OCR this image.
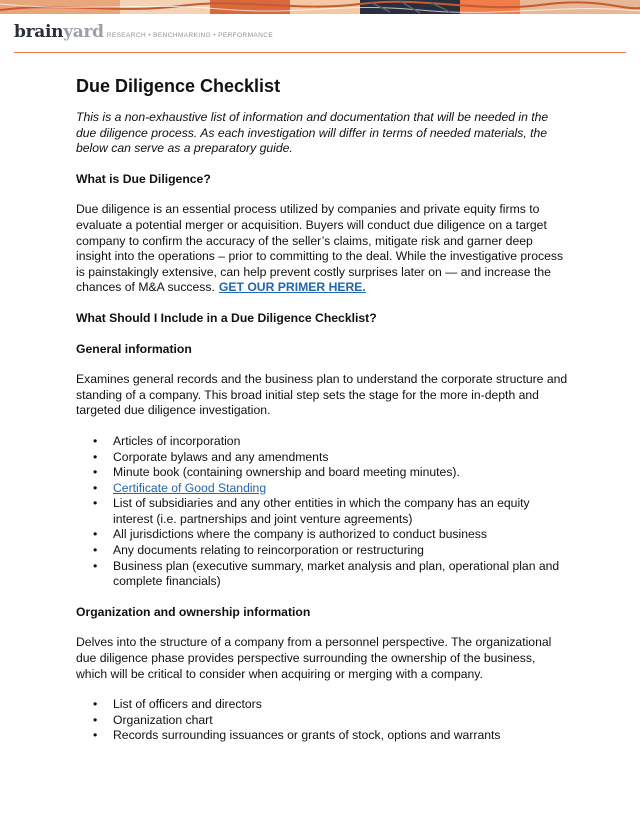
brainyard RESEARCH • BENCHMARKING • PERFORMANCE
Due Diligence Checklist

This is a non-exhaustive list of information and documentation that will be needed in the due diligence process. As each investigation will differ in terms of needed materials, the below can serve as a preparatory guide.

What is Due Diligence?

Due diligence is an essential process utilized by companies and private equity firms to evaluate a potential merger or acquisition. Buyers will conduct due diligence on a target company to confirm the accuracy of the seller’s claims, mitigate risk and garner deep insight into the operations – prior to committing to the deal. While the investigative process is painstakingly extensive, can help prevent costly surprises later on — and increase the chances of M&A success. GET OUR PRIMER HERE.

What Should I Include in a Due Diligence Checklist?

General information

Examines general records and the business plan to understand the corporate structure and standing of a company. This broad initial step sets the stage for the more in-depth and targeted due diligence investigation.

• Articles of incorporation
• Corporate bylaws and any amendments
• Minute book (containing ownership and board meeting minutes).
• Certificate of Good Standing
• List of subsidiaries and any other entities in which the company has an equity interest (i.e. partnerships and joint venture agreements)
• All jurisdictions where the company is authorized to conduct business
• Any documents relating to reincorporation or restructuring
• Business plan (executive summary, market analysis and plan, operational plan and complete financials)

Organization and ownership information

Delves into the structure of a company from a personnel perspective. The organizational due diligence phase provides perspective surrounding the ownership of the business, which will be critical to consider when acquiring or merging with a company.

• List of officers and directors
• Organization chart
• Records surrounding issuances or grants of stock, options and warrants
